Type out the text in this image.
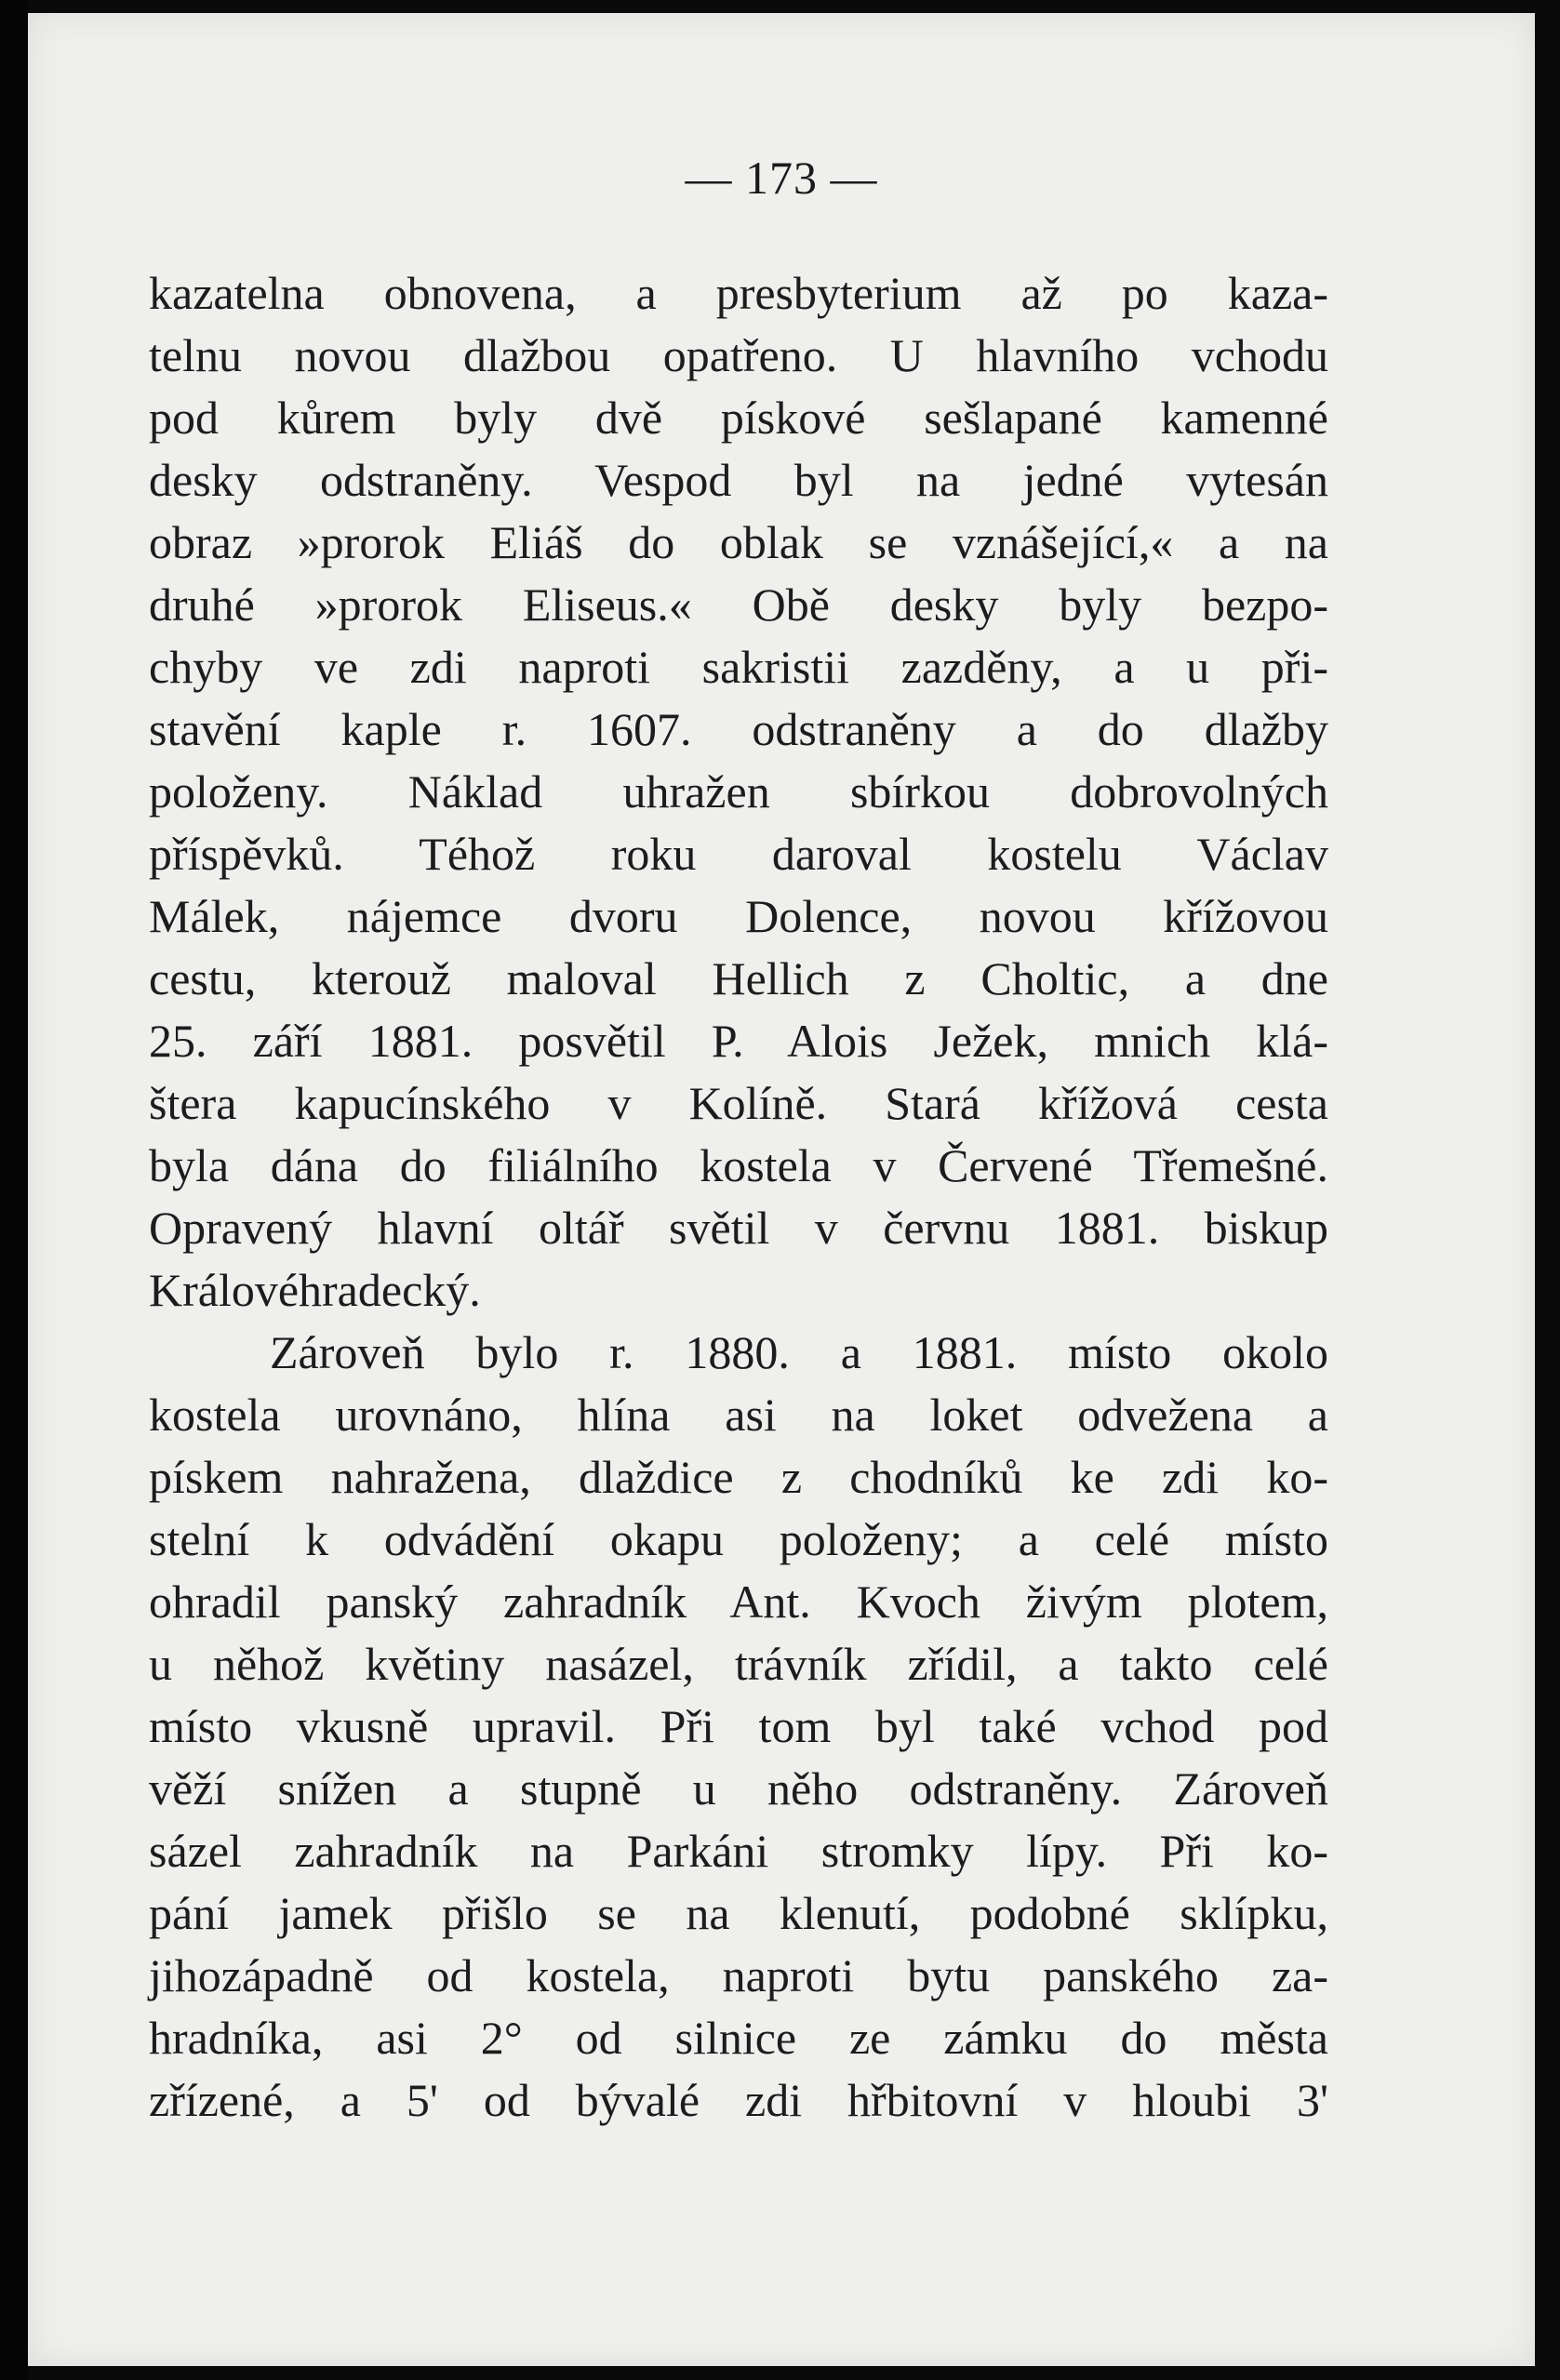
— 173 —
kazatelna obnovena, a presbyterium až po kaza-
telnu novou dlažbou opatřeno. U hlavního vchodu
pod kůrem byly dvě pískové sešlapané kamenné
desky odstraněny. Vespod byl na jedné vytesán
obraz »prorok Eliáš do oblak se vznášející,« a na
druhé »prorok Eliseus.« Obě desky byly bezpo-
chyby ve zdi naproti sakristii zazděny, a u při-
stavění kaple r. 1607. odstraněny a do dlažby
položeny. Náklad uhražen sbírkou dobrovolných
příspěvků. Téhož roku daroval kostelu Václav
Málek, nájemce dvoru Dolence, novou křížovou
cestu, kterouž maloval Hellich z Choltic, a dne
25. září 1881. posvětil P. Alois Ježek, mnich klá-
štera kapucínského v Kolíně. Stará křížová cesta
byla dána do filiálního kostela v Červené Třemešné.
Opravený hlavní oltář světil v červnu 1881. biskup
Královéhradecký.
Zároveň bylo r. 1880. a 1881. místo okolo
kostela urovnáno, hlína asi na loket odvežena a
pískem nahražena, dlaždice z chodníků ke zdi ko-
stelní k odvádění okapu položeny; a celé místo
ohradil panský zahradník Ant. Kvoch živým plotem,
u něhož květiny nasázel, trávník zřídil, a takto celé
místo vkusně upravil. Při tom byl také vchod pod
věží snížen a stupně u něho odstraněny. Zároveň
sázel zahradník na Parkáni stromky lípy. Při ko-
pání jamek přišlo se na klenutí, podobné sklípku,
jihozápadně od kostela, naproti bytu panského za-
hradníka, asi 2° od silnice ze zámku do města
zřízené, a 5' od bývalé zdi hřbitovní v hloubi 3'
